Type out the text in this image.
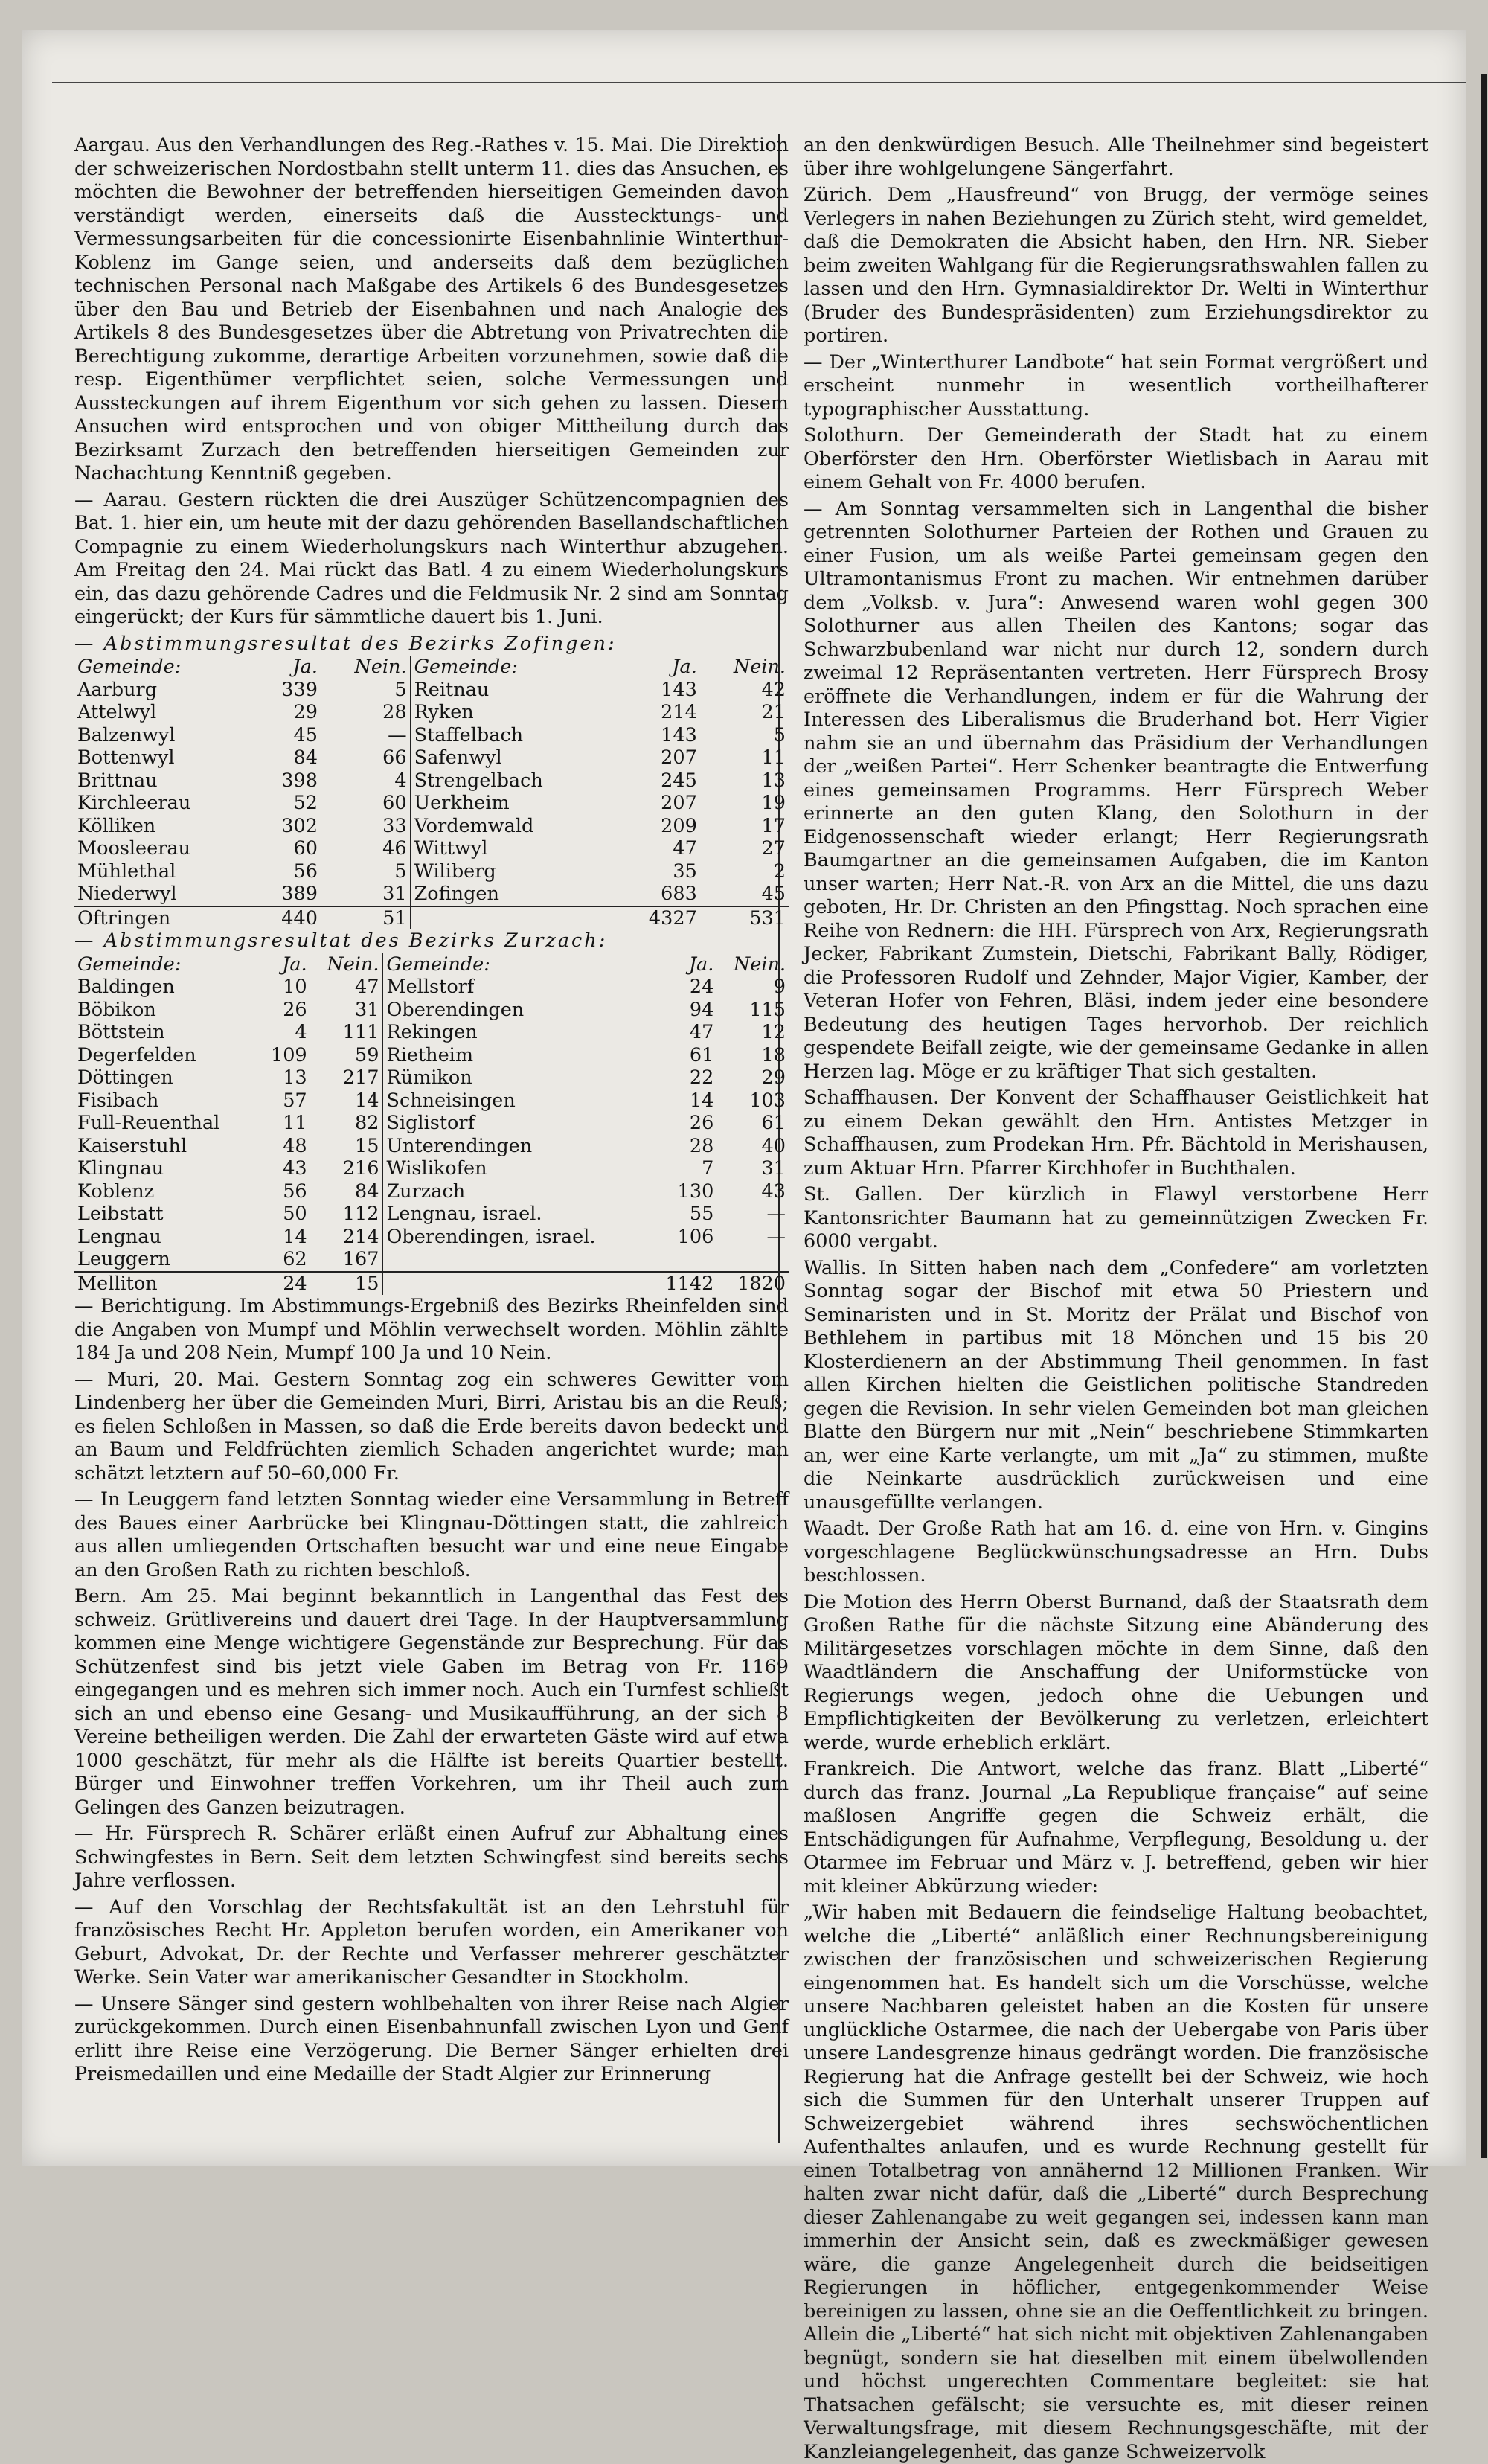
Aargau. Aus den Verhandlungen des Reg.-Rathes v. 15. Mai. Die Direktion der schweizerischen Nordostbahn stellt unterm 11. dies das Ansuchen, es möchten die Bewohner der betreffenden hierseitigen Gemeinden davon verständigt werden, einerseits daß die Ausstecktungs- und Vermessungsarbeiten für die concessionirte Eisenbahnlinie Winterthur-Koblenz im Gange seien, und anderseits daß dem bezüglichen technischen Personal nach Maßgabe des Artikels 6 des Bundesgesetzes über den Bau und Betrieb der Eisenbahnen und nach Analogie des Artikels 8 des Bundesgesetzes über die Abtretung von Privatrechten die Berechtigung zukomme, derartige Arbeiten vorzunehmen, sowie daß die resp. Eigenthümer verpflichtet seien, solche Vermessungen und Aussteckungen auf ihrem Eigenthum vor sich gehen zu lassen. Diesem Ansuchen wird entsprochen und von obiger Mittheilung durch das Bezirksamt Zurzach den betreffenden hierseitigen Gemeinden zur Nachachtung Kenntniß gegeben.

— Aarau. Gestern rückten die drei Auszüger Schützencompagnien des Bat. 1. hier ein, um heute mit der dazu gehörenden Basellandschaftlichen Compagnie zu einem Wiederholungskurs nach Winterthur abzugehen. Am Freitag den 24. Mai rückt das Batl. 4 zu einem Wiederholungskurs ein, das dazu gehörende Cadres und die Feldmusik Nr. 2 sind am Sonntag eingerückt; der Kurs für sämmtliche dauert bis 1. Juni.

— Abstimmungsresultat des Bezirks Zofingen:

Gemeinde:	Ja.	Nein.	Gemeinde:	Ja.	Nein.
Aarburg	339	5	Reitnau	143	42
Attelwyl	29	28	Ryken	214	21
Balzenwyl	45	—	Staffelbach	143	5
Bottenwyl	84	66	Safenwyl	207	11
Brittnau	398	4	Strengelbach	245	13
Kirchleerau	52	60	Uerkheim	207	19
Kölliken	302	33	Vordemwald	209	17
Moosleerau	60	46	Wittwyl	47	27
Mühlethal	56	5	Wiliberg	35	2
Niederwyl	389	31	Zofingen	683	45
Oftringen	440	51		4327	531

— Abstimmungsresultat des Bezirks Zurzach:

Gemeinde:	Ja.	Nein.	Gemeinde:	Ja.	Nein.
Baldingen	10	47	Mellstorf	24	9
Böbikon	26	31	Oberendingen	94	115
Böttstein	4	111	Rekingen	47	12
Degerfelden	109	59	Rietheim	61	18
Döttingen	13	217	Rümikon	22	29
Fisibach	57	14	Schneisingen	14	103
Full-Reuenthal	11	82	Siglistorf	26	61
Kaiserstuhl	48	15	Unterendingen	28	40
Klingnau	43	216	Wislikofen	7	31
Koblenz	56	84	Zurzach	130	43
Leibstatt	50	112	Lengnau, israel.	55	—
Lengnau	14	214	Oberendingen, israel.	106	—
Leuggern	62	167			
Melliton	24	15		1142	1820

— Berichtigung. Im Abstimmungs-Ergebniß des Bezirks Rheinfelden sind die Angaben von Mumpf und Möhlin verwechselt worden. Möhlin zählte 184 Ja und 208 Nein, Mumpf 100 Ja und 10 Nein.

— Muri, 20. Mai. Gestern Sonntag zog ein schweres Gewitter vom Lindenberg her über die Gemeinden Muri, Birri, Aristau bis an die Reuß; es fielen Schloßen in Massen, so daß die Erde bereits davon bedeckt und an Baum und Feldfrüchten ziemlich Schaden angerichtet wurde; man schätzt letztern auf 50–60,000 Fr.

— In Leuggern fand letzten Sonntag wieder eine Versammlung in Betreff des Baues einer Aarbrücke bei Klingnau-Döttingen statt, die zahlreich aus allen umliegenden Ortschaften besucht war und eine neue Eingabe an den Großen Rath zu richten beschloß.

Bern. Am 25. Mai beginnt bekanntlich in Langenthal das Fest des schweiz. Grütlivereins und dauert drei Tage. In der Hauptversammlung kommen eine Menge wichtigere Gegenstände zur Besprechung. Für das Schützenfest sind bis jetzt viele Gaben im Betrag von Fr. 1169 eingegangen und es mehren sich immer noch. Auch ein Turnfest schließt sich an und ebenso eine Gesang- und Musikaufführung, an der sich 8 Vereine betheiligen werden. Die Zahl der erwarteten Gäste wird auf etwa 1000 geschätzt, für mehr als die Hälfte ist bereits Quartier bestellt. Bürger und Einwohner treffen Vorkehren, um ihr Theil auch zum Gelingen des Ganzen beizutragen.

— Hr. Fürsprech R. Schärer erläßt einen Aufruf zur Abhaltung eines Schwingfestes in Bern. Seit dem letzten Schwingfest sind bereits sechs Jahre verflossen.

— Auf den Vorschlag der Rechtsfakultät ist an den Lehrstuhl für französisches Recht Hr. Appleton berufen worden, ein Amerikaner von Geburt, Advokat, Dr. der Rechte und Verfasser mehrerer geschätzter Werke. Sein Vater war amerikanischer Gesandter in Stockholm.

— Unsere Sänger sind gestern wohlbehalten von ihrer Reise nach Algier zurückgekommen. Durch einen Eisenbahnunfall zwischen Lyon und Genf erlitt ihre Reise eine Verzögerung. Die Berner Sänger erhielten drei Preismedaillen und eine Medaille der Stadt Algier zur Erinnerung

an den denkwürdigen Besuch. Alle Theilnehmer sind begeistert über ihre wohlgelungene Sängerfahrt.

Zürich. Dem „Hausfreund“ von Brugg, der vermöge seines Verlegers in nahen Beziehungen zu Zürich steht, wird gemeldet, daß die Demokraten die Absicht haben, den Hrn. NR. Sieber beim zweiten Wahlgang für die Regierungsrathswahlen fallen zu lassen und den Hrn. Gymnasialdirektor Dr. Welti in Winterthur (Bruder des Bundespräsidenten) zum Erziehungsdirektor zu portiren.

— Der „Winterthurer Landbote“ hat sein Format vergrößert und erscheint nunmehr in wesentlich vortheilhafterer typographischer Ausstattung.

Solothurn. Der Gemeinderath der Stadt hat zu einem Oberförster den Hrn. Oberförster Wietlisbach in Aarau mit einem Gehalt von Fr. 4000 berufen.

— Am Sonntag versammelten sich in Langenthal die bisher getrennten Solothurner Parteien der Rothen und Grauen zu einer Fusion, um als weiße Partei gemeinsam gegen den Ultramontanismus Front zu machen. Wir entnehmen darüber dem „Volksb. v. Jura“: Anwesend waren wohl gegen 300 Solothurner aus allen Theilen des Kantons; sogar das Schwarzbubenland war nicht nur durch 12, sondern durch zweimal 12 Repräsentanten vertreten. Herr Fürsprech Brosy eröffnete die Verhandlungen, indem er für die Wahrung der Interessen des Liberalismus die Bruderhand bot. Herr Vigier nahm sie an und übernahm das Präsidium der Verhandlungen der „weißen Partei“. Herr Schenker beantragte die Entwerfung eines gemeinsamen Programms. Herr Fürsprech Weber erinnerte an den guten Klang, den Solothurn in der Eidgenossenschaft wieder erlangt; Herr Regierungsrath Baumgartner an die gemeinsamen Aufgaben, die im Kanton unser warten; Herr Nat.-R. von Arx an die Mittel, die uns dazu geboten, Hr. Dr. Christen an den Pfingsttag. Noch sprachen eine Reihe von Rednern: die HH. Fürsprech von Arx, Regierungsrath Jecker, Fabrikant Zumstein, Dietschi, Fabrikant Bally, Rödiger, die Professoren Rudolf und Zehnder, Major Vigier, Kamber, der Veteran Hofer von Fehren, Bläsi, indem jeder eine besondere Bedeutung des heutigen Tages hervorhob. Der reichlich gespendete Beifall zeigte, wie der gemeinsame Gedanke in allen Herzen lag. Möge er zu kräftiger That sich gestalten.

Schaffhausen. Der Konvent der Schaffhauser Geistlichkeit hat zu einem Dekan gewählt den Hrn. Antistes Metzger in Schaffhausen, zum Prodekan Hrn. Pfr. Bächtold in Merishausen, zum Aktuar Hrn. Pfarrer Kirchhofer in Buchthalen.

St. Gallen. Der kürzlich in Flawyl verstorbene Herr Kantonsrichter Baumann hat zu gemeinnützigen Zwecken Fr. 6000 vergabt.

Wallis. In Sitten haben nach dem „Confedere“ am vorletzten Sonntag sogar der Bischof mit etwa 50 Priestern und Seminaristen und in St. Moritz der Prälat und Bischof von Bethlehem in partibus mit 18 Mönchen und 15 bis 20 Klosterdienern an der Abstimmung Theil genommen. In fast allen Kirchen hielten die Geistlichen politische Standreden gegen die Revision. In sehr vielen Gemeinden bot man gleichen Blatte den Bürgern nur mit „Nein“ beschriebene Stimmkarten an, wer eine Karte verlangte, um mit „Ja“ zu stimmen, mußte die Neinkarte ausdrücklich zurückweisen und eine unausgefüllte verlangen.

Waadt. Der Große Rath hat am 16. d. eine von Hrn. v. Gingins vorgeschlagene Beglückwünschungsadresse an Hrn. Dubs beschlossen.

Die Motion des Herrn Oberst Burnand, daß der Staatsrath dem Großen Rathe für die nächste Sitzung eine Abänderung des Militärgesetzes vorschlagen möchte in dem Sinne, daß den Waadtländern die Anschaffung der Uniformstücke von Regierungs wegen, jedoch ohne die Uebungen und Empflichtigkeiten der Bevölkerung zu verletzen, erleichtert werde, wurde erheblich erklärt.

Frankreich. Die Antwort, welche das franz. Blatt „Liberté“ durch das franz. Journal „La Republique française“ auf seine maßlosen Angriffe gegen die Schweiz erhält, die Entschädigungen für Aufnahme, Verpflegung, Besoldung u. der Otarmee im Februar und März v. J. betreffend, geben wir hier mit kleiner Abkürzung wieder:

„Wir haben mit Bedauern die feindselige Haltung beobachtet, welche die „Liberté“ anläßlich einer Rechnungsbereinigung zwischen der französischen und schweizerischen Regierung eingenommen hat. Es handelt sich um die Vorschüsse, welche unsere Nachbaren geleistet haben an die Kosten für unsere unglückliche Ostarmee, die nach der Uebergabe von Paris über unsere Landesgrenze hinaus gedrängt worden. Die französische Regierung hat die Anfrage gestellt bei der Schweiz, wie hoch sich die Summen für den Unterhalt unserer Truppen auf Schweizergebiet während ihres sechswöchentlichen Aufenthaltes anlaufen, und es wurde Rechnung gestellt für einen Totalbetrag von annähernd 12 Millionen Franken. Wir halten zwar nicht dafür, daß die „Liberté“ durch Besprechung dieser Zahlenangabe zu weit gegangen sei, indessen kann man immerhin der Ansicht sein, daß es zweckmäßiger gewesen wäre, die ganze Angelegenheit durch die beidseitigen Regierungen in höflicher, entgegenkommender Weise bereinigen zu lassen, ohne sie an die Oeffentlichkeit zu bringen. Allein die „Liberté“ hat sich nicht mit objektiven Zahlenangaben begnügt, sondern sie hat dieselben mit einem übelwollenden und höchst ungerechten Commentare begleitet: sie hat Thatsachen gefälscht; sie versuchte es, mit dieser reinen Verwaltungsfrage, mit diesem Rechnungsgeschäfte, mit der Kanzleiangelegenheit, das ganze Schweizervolk
